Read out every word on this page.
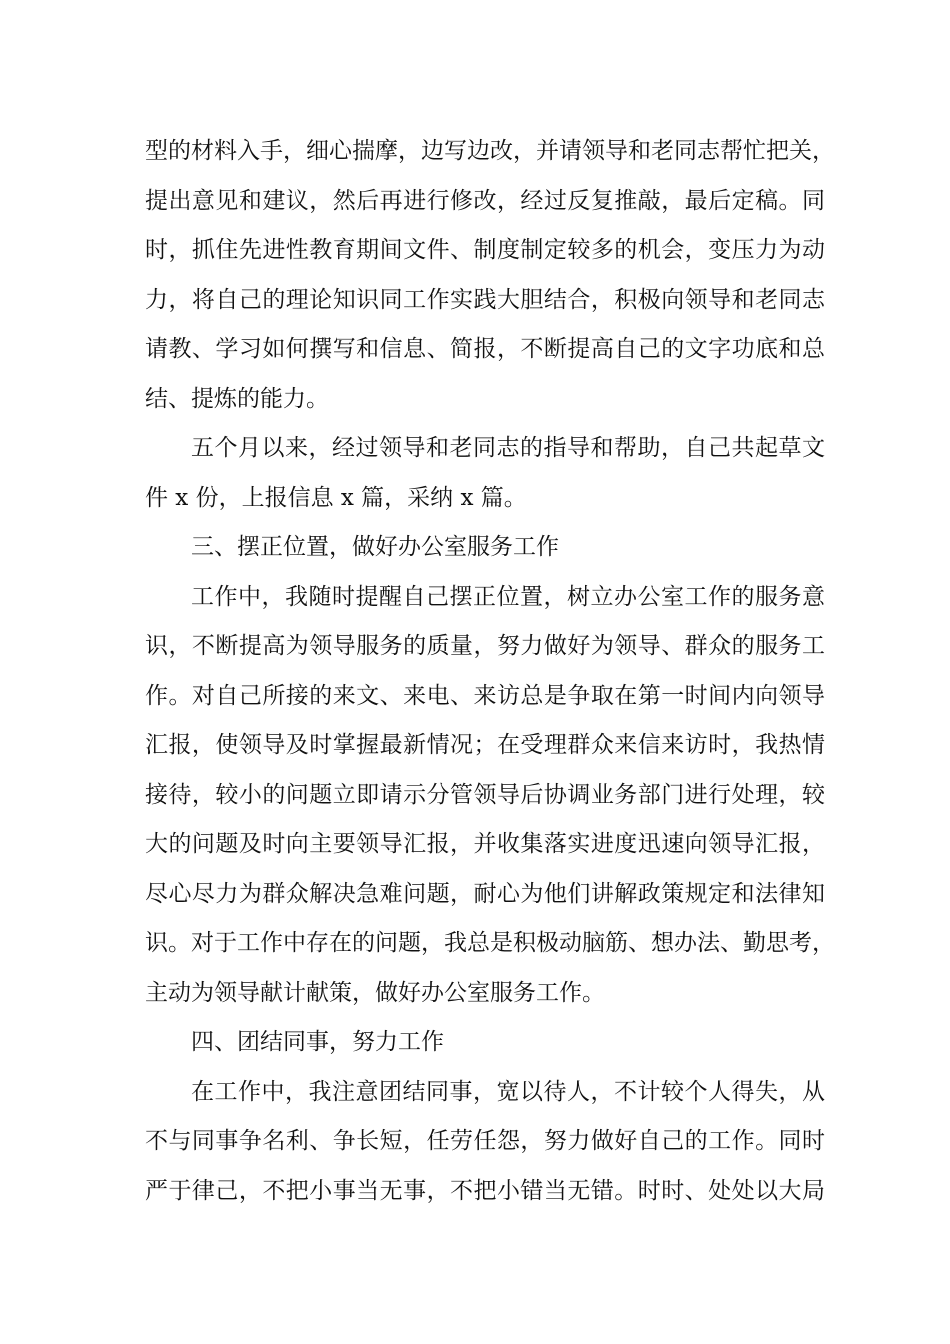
型的材料入手，细心揣摩，边写边改，并请领导和老同志帮忙把关，
提出意见和建议，然后再进行修改，经过反复推敲，最后定稿。同
时，抓住先进性教育期间文件、制度制定较多的机会，变压力为动
力，将自己的理论知识同工作实践大胆结合，积极向领导和老同志
请教、学习如何撰写和信息、简报，不断提高自己的文字功底和总
结、提炼的能力。
五个月以来，经过领导和老同志的指导和帮助，自己共起草文
件 x 份，上报信息 x 篇，采纳 x 篇。
三、摆正位置，做好办公室服务工作
工作中，我随时提醒自己摆正位置，树立办公室工作的服务意
识，不断提高为领导服务的质量，努力做好为领导、群众的服务工
作。对自己所接的来文、来电、来访总是争取在第一时间内向领导
汇报，使领导及时掌握最新情况；在受理群众来信来访时，我热情
接待，较小的问题立即请示分管领导后协调业务部门进行处理，较
大的问题及时向主要领导汇报，并收集落实进度迅速向领导汇报，
尽心尽力为群众解决急难问题，耐心为他们讲解政策规定和法律知
识。对于工作中存在的问题，我总是积极动脑筋、想办法、勤思考，
主动为领导献计献策，做好办公室服务工作。
四、团结同事，努力工作
在工作中，我注意团结同事，宽以待人，不计较个人得失，从
不与同事争名利、争长短，任劳任怨，努力做好自己的工作。同时
严于律己，不把小事当无事，不把小错当无错。时时、处处以大局
